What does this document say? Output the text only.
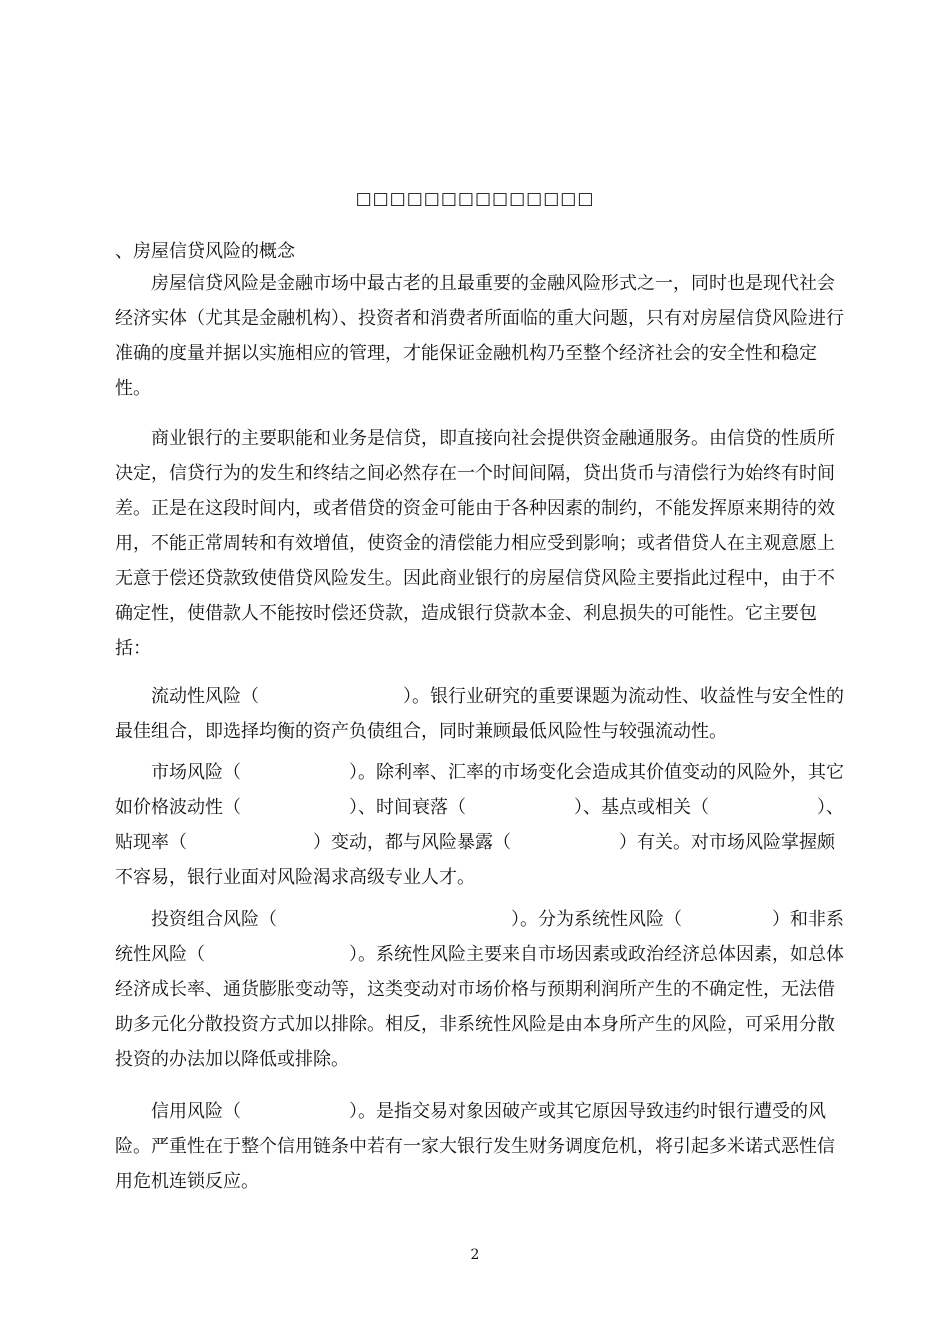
□□□□□□□□□□□□□□

、房屋信贷风险的概念

房屋信贷风险是金融市场中最古老的且最重要的金融风险形式之一，同时也是现代社会经济实体（尤其是金融机构）、投资者和消费者所面临的重大问题，只有对房屋信贷风险进行准确的度量并据以实施相应的管理，才能保证金融机构乃至整个经济社会的安全性和稳定性。

商业银行的主要职能和业务是信贷，即直接向社会提供资金融通服务。由信贷的性质所决定，信贷行为的发生和终结之间必然存在一个时间间隔，贷出货币与清偿行为始终有时间差。正是在这段时间内，或者借贷的资金可能由于各种因素的制约，不能发挥原来期待的效用，不能正常周转和有效增值，使资金的清偿能力相应受到影响；或者借贷人在主观意愿上无意于偿还贷款致使借贷风险发生。因此商业银行的房屋信贷风险主要指此过程中，由于不确定性，使借款人不能按时偿还贷款，造成银行贷款本金、利息损失的可能性。它主要包括：

流动性风险（　　　　　　　　）。银行业研究的重要课题为流动性、收益性与安全性的最佳组合，即选择均衡的资产负债组合，同时兼顾最低风险性与较强流动性。

市场风险（　　　　　　）。除利率、汇率的市场变化会造成其价值变动的风险外，其它如价格波动性（　　　　　　）、时间衰落（　　　　　　）、基点或相关（　　　　　　）、贴现率（　　　　　　　）变动，都与风险暴露（　　　　　　）有关。对市场风险掌握颇不容易，银行业面对风险渴求高级专业人才。

投资组合风险（　　　　　　　　　　　　　）。分为系统性风险（　　　　　）和非系统性风险（　　　　　　　　）。系统性风险主要来自市场因素或政治经济总体因素，如总体经济成长率、通货膨胀变动等，这类变动对市场价格与预期利润所产生的不确定性，无法借助多元化分散投资方式加以排除。相反，非系统性风险是由本身所产生的风险，可采用分散投资的办法加以降低或排除。

信用风险（　　　　　　）。是指交易对象因破产或其它原因导致违约时银行遭受的风险。严重性在于整个信用链条中若有一家大银行发生财务调度危机，将引起多米诺式恶性信用危机连锁反应。

2
